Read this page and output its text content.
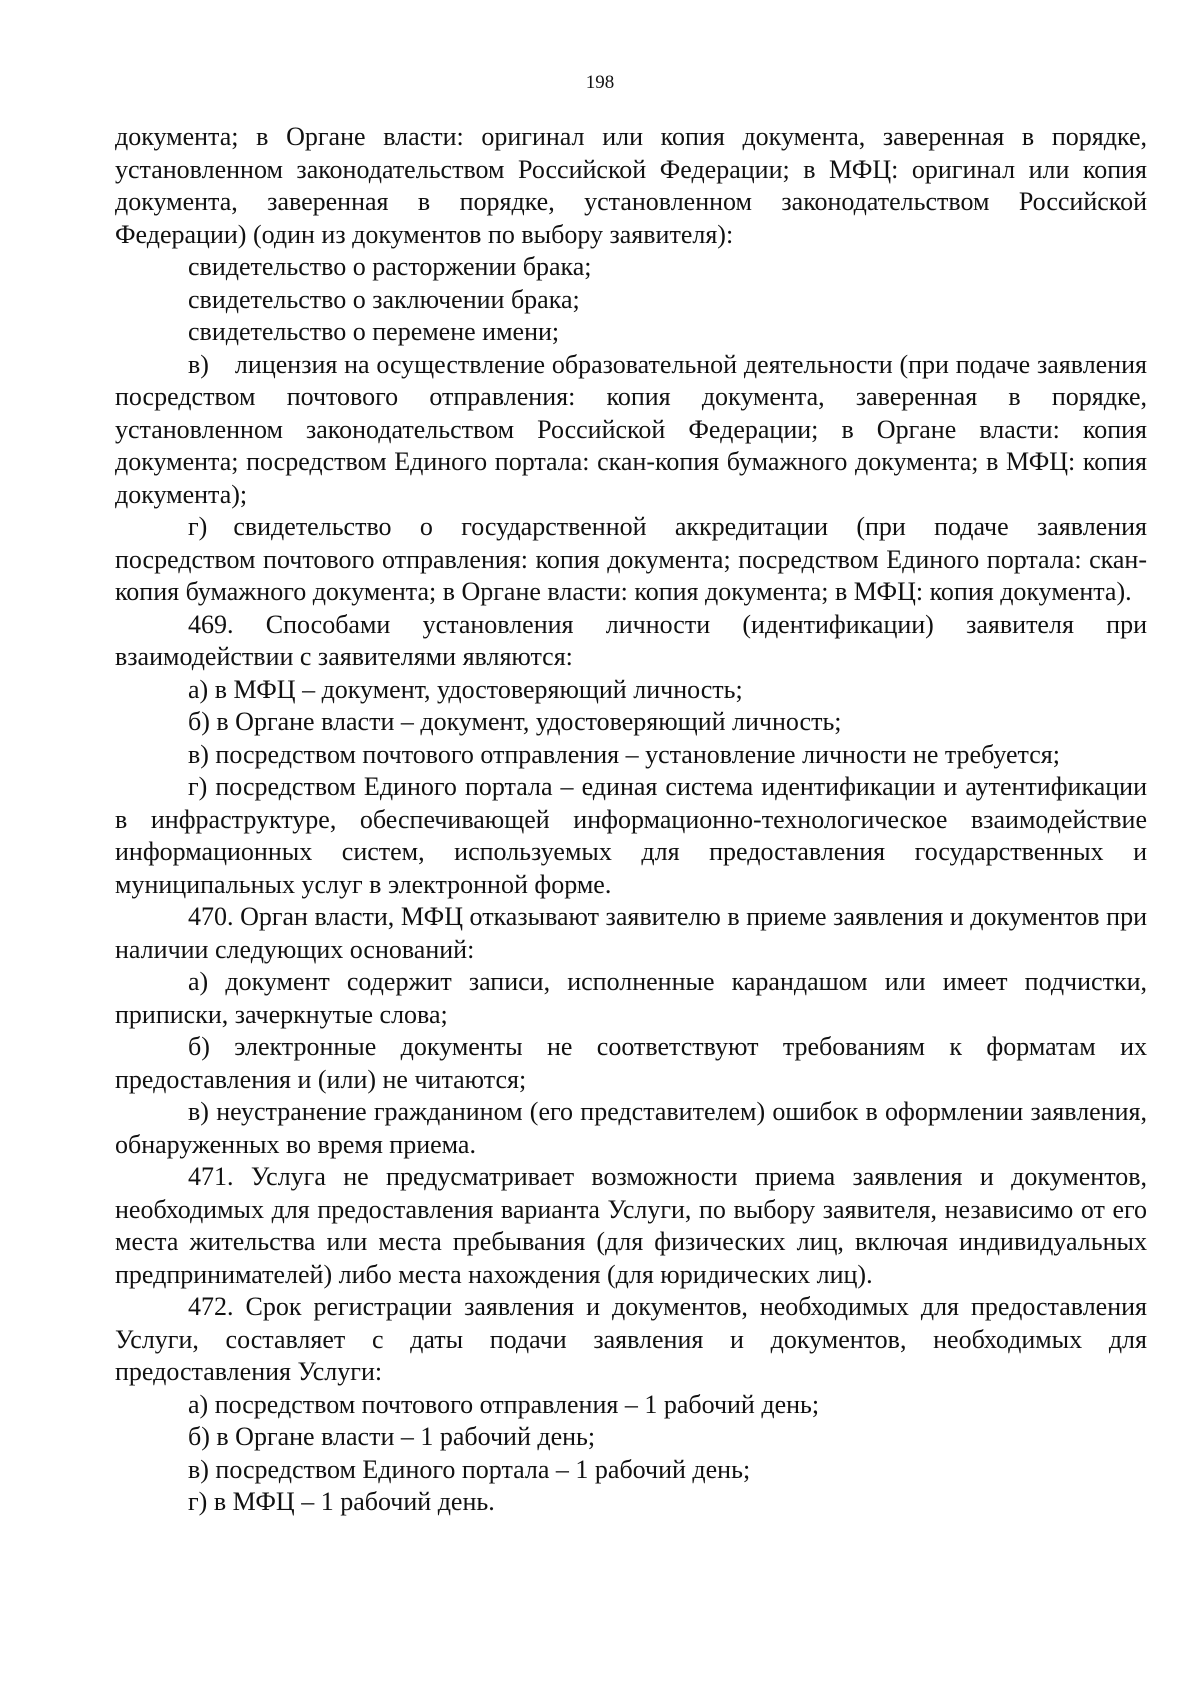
198

документа; в Органе власти: оригинал или копия документа, заверенная в порядке, установленном законодательством Российской Федерации; в МФЦ: оригинал или копия документа, заверенная в порядке, установленном законодательством Российской Федерации) (один из документов по выбору заявителя):

свидетельство о расторжении брака;

свидетельство о заключении брака;

свидетельство о перемене имени;

в) лицензия на осуществление образовательной деятельности (при подаче заявления посредством почтового отправления: копия документа, заверенная в порядке, установленном законодательством Российской Федерации; в Органе власти: копия документа; посредством Единого портала: скан-копия бумажного документа; в МФЦ: копия документа);

г) свидетельство о государственной аккредитации (при подаче заявления посредством почтового отправления: копия документа; посредством Единого портала: скан-копия бумажного документа; в Органе власти: копия документа; в МФЦ: копия документа).

469. Способами установления личности (идентификации) заявителя при взаимодействии с заявителями являются:

а) в МФЦ – документ, удостоверяющий личность;

б) в Органе власти – документ, удостоверяющий личность;

в) посредством почтового отправления – установление личности не требуется;

г) посредством Единого портала – единая система идентификации и аутентификации в инфраструктуре, обеспечивающей информационно-технологическое взаимодействие информационных систем, используемых для предоставления государственных и муниципальных услуг в электронной форме.

470. Орган власти, МФЦ отказывают заявителю в приеме заявления и документов при наличии следующих оснований:

а) документ содержит записи, исполненные карандашом или имеет подчистки, приписки, зачеркнутые слова;

б) электронные документы не соответствуют требованиям к форматам их предоставления и (или) не читаются;

в) неустранение гражданином (его представителем) ошибок в оформлении заявления, обнаруженных во время приема.

471. Услуга не предусматривает возможности приема заявления и документов, необходимых для предоставления варианта Услуги, по выбору заявителя, независимо от его места жительства или места пребывания (для физических лиц, включая индивидуальных предпринимателей) либо места нахождения (для юридических лиц).

472. Срок регистрации заявления и документов, необходимых для предоставления Услуги, составляет с даты подачи заявления и документов, необходимых для предоставления Услуги:

а) посредством почтового отправления – 1 рабочий день;

б) в Органе власти – 1 рабочий день;

в) посредством Единого портала – 1 рабочий день;

г) в МФЦ – 1 рабочий день.
